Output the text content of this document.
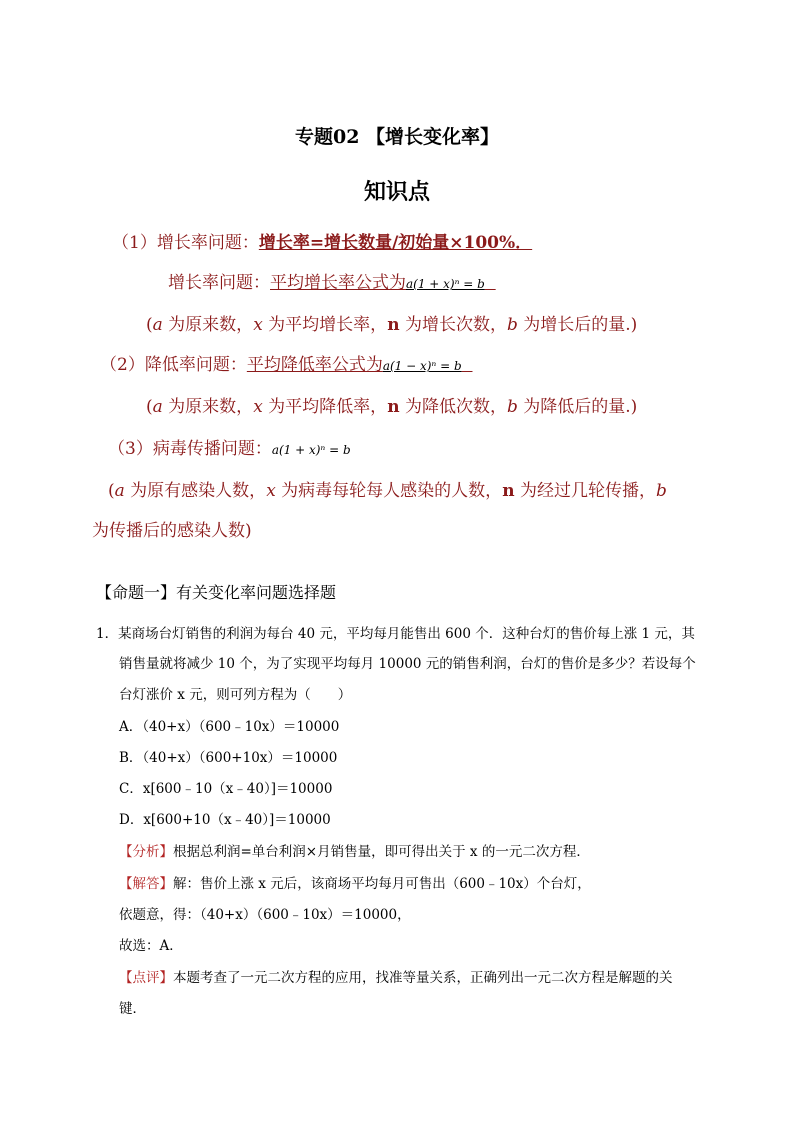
专题02 【增长变化率】
知识点
（1）增长率问题：增长率=增长数量/初始量×100%．
增长率问题：平均增长率公式为a(1 + x)ⁿ = b
(a 为原来数，x 为平均增长率，n 为增长次数，b 为增长后的量.)
（2）降低率问题：平均降低率公式为a(1 − x)ⁿ = b
(a 为原来数，x 为平均降低率，n 为降低次数，b 为降低后的量.)
（3）病毒传播问题：a(1 + x)ⁿ = b
(a 为原有感染人数，x 为病毒每轮每人感染的人数，n 为经过几轮传播，b
为传播后的感染人数)
【命题一】有关变化率问题选择题
1．某商场台灯销售的利润为每台 40 元，平均每月能售出 600 个．这种台灯的售价每上涨 1 元，其
销售量就将减少 10 个，为了实现平均每月 10000 元的销售利润，台灯的售价是多少？若设每个
台灯涨价 x 元，则可列方程为（　　）
A．（40+x）（600﹣10x）＝10000
B．（40+x）（600+10x）＝10000
C．x[600﹣10（x﹣40）]＝10000
D．x[600+10（x﹣40）]＝10000
【分析】根据总利润=单台利润×月销售量，即可得出关于 x 的一元二次方程．
【解答】解：售价上涨 x 元后，该商场平均每月可售出（600﹣10x）个台灯，
依题意，得：（40+x）（600﹣10x）＝10000，
故选：A．
【点评】本题考查了一元二次方程的应用，找准等量关系，正确列出一元二次方程是解题的关
键．
